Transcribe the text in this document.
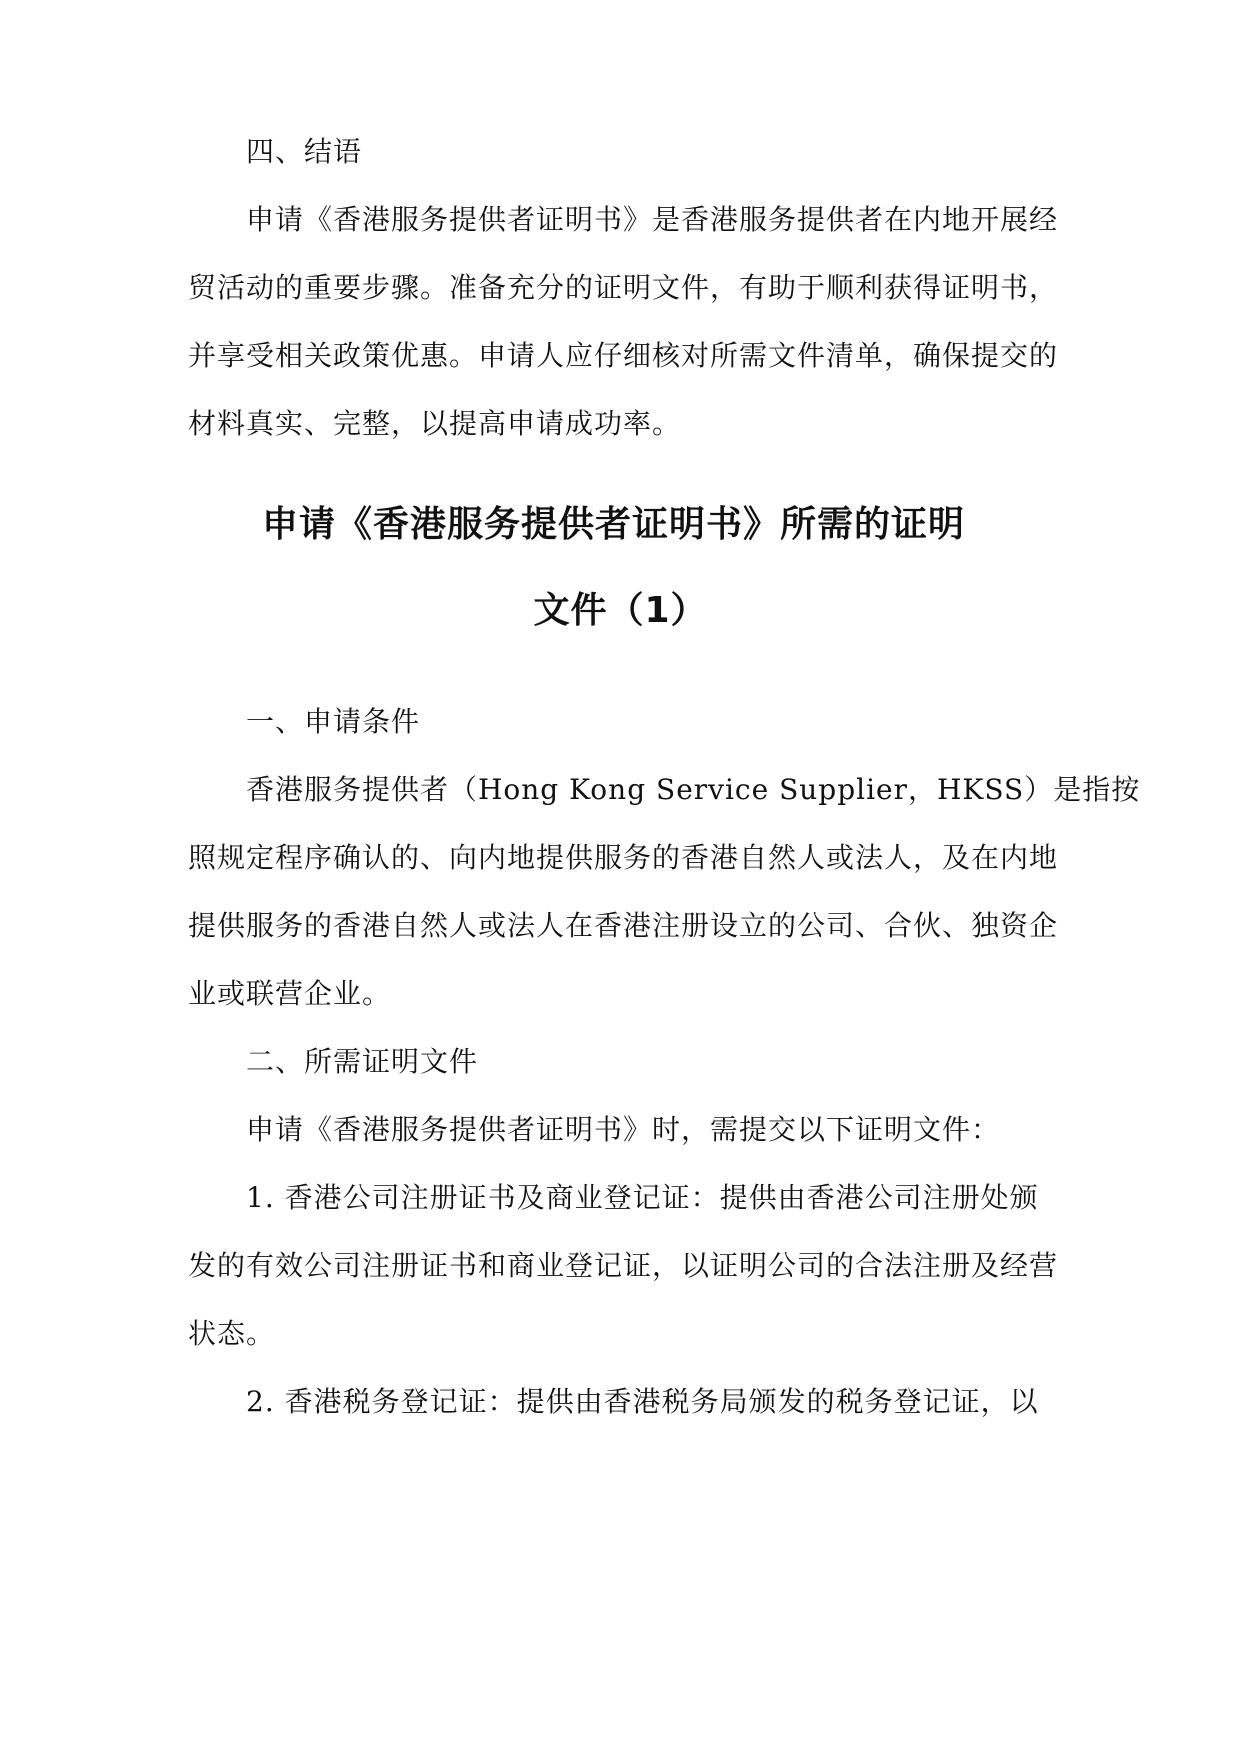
四、结语
申请《香港服务提供者证明书》是香港服务提供者在内地开展经
贸活动的重要步骤。准备充分的证明文件，有助于顺利获得证明书，
并享受相关政策优惠。申请人应仔细核对所需文件清单，确保提交的
材料真实、完整，以提高申请成功率。
申请《香港服务提供者证明书》所需的证明
文件（1）
一、申请条件
香港服务提供者（Hong Kong Service Supplier，HKSS）是指按
照规定程序确认的、向内地提供服务的香港自然人或法人，及在内地
提供服务的香港自然人或法人在香港注册设立的公司、合伙、独资企
业或联营企业。
二、所需证明文件
申请《香港服务提供者证明书》时，需提交以下证明文件：
1. 香港公司注册证书及商业登记证：提供由香港公司注册处颁
发的有效公司注册证书和商业登记证，以证明公司的合法注册及经营
状态。
2. 香港税务登记证：提供由香港税务局颁发的税务登记证，以
